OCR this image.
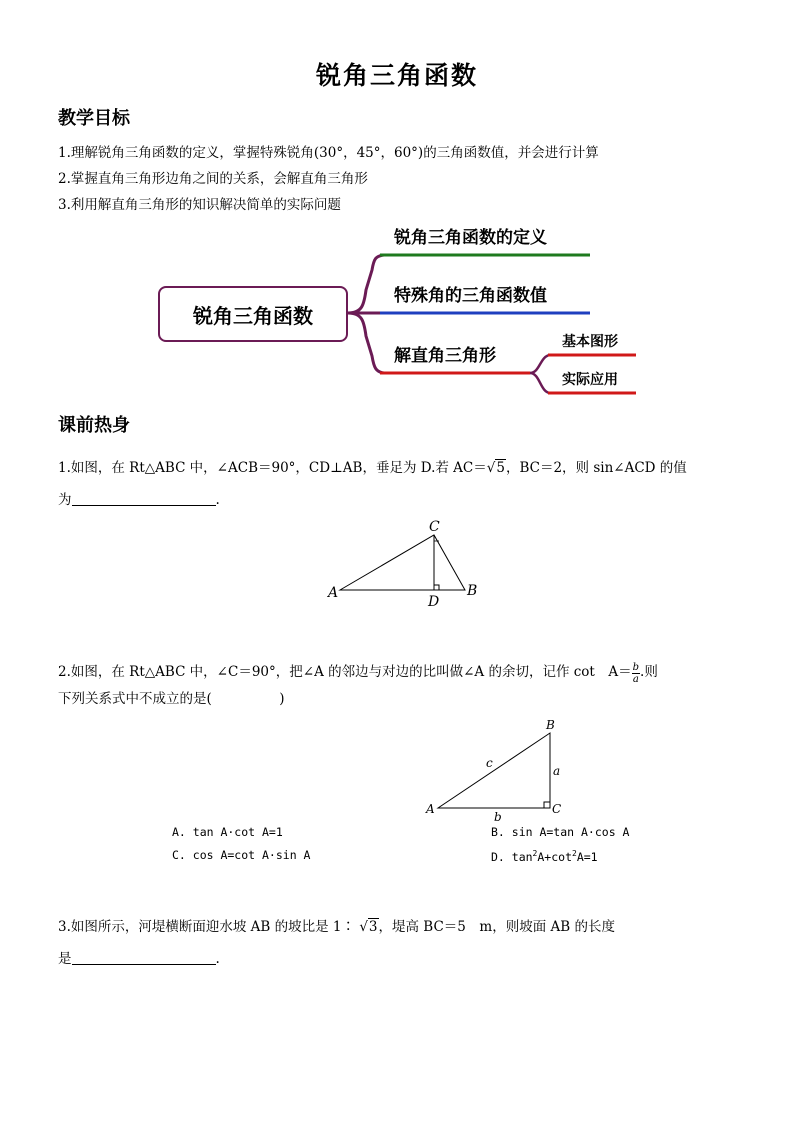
锐角三角函数
教学目标
1.理解锐角三角函数的定义，掌握特殊锐角(30°，45°，60°)的三角函数值，并会进行计算
2.掌握直角三角形边角之间的关系，会解直角三角形
3.利用解直角三角形的知识解决简单的实际问题
锐角三角函数
锐角三角函数的定义
特殊角的三角函数值
解直角三角形
基本图形
实际应用
课前热身
1.如图，在 Rt△ABC 中，∠ACB＝90°，CD⊥AB，垂足为 D.若 AC＝√5，BC＝2，则 sin∠ACD 的值
为	.
A
C
B
D
2.如图，在 Rt△ABC 中，∠C＝90°，把∠A 的邻边与对边的比叫做∠A 的余切，记作 cot　$A= \frac{b}{a}$ .则
下列关系式中不成立的是(　　　　　)
A
B
C
a
b
c
A. tan A·cot A=1	B. sin A=tan A·cos A
C. cos A=cot A·sin A	D. $\tan^2A+\cot^2A=1$
3.如图所示，河堤横断面迎水坡 AB 的坡比是 1∶ √3，堤高 BC＝5　m，则坡面 AB 的长度
是	.
